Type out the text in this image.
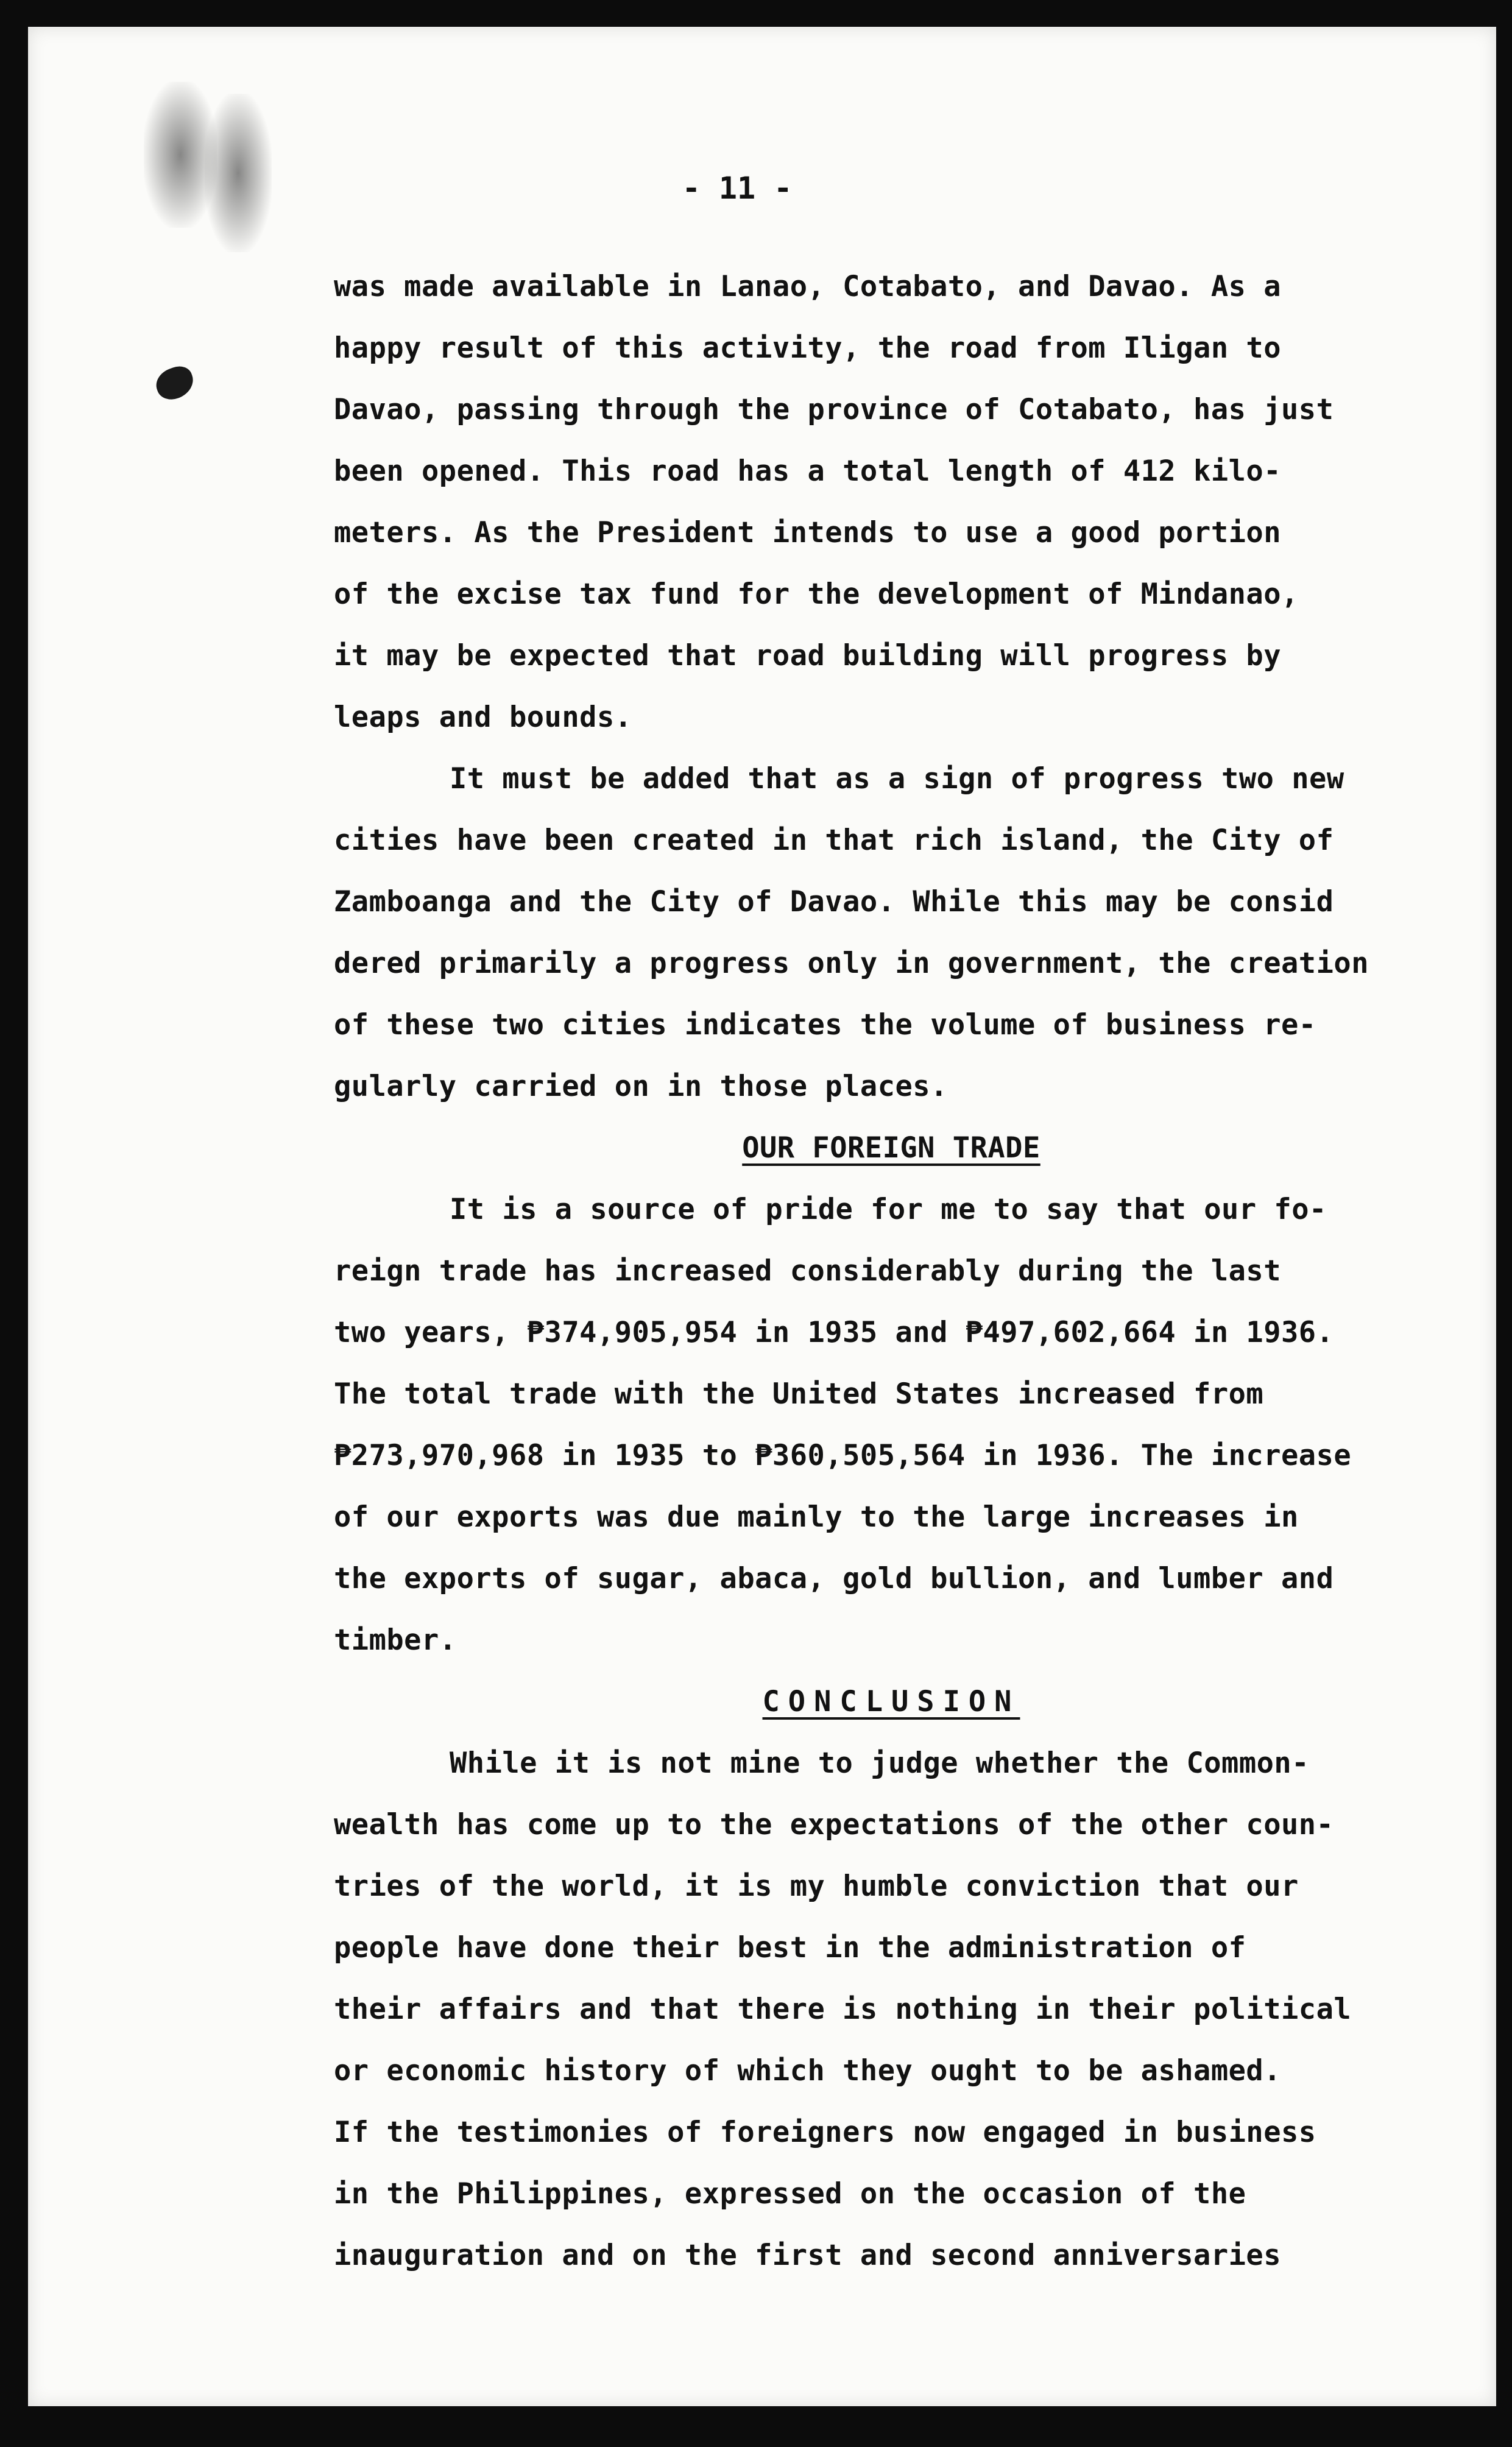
- 11 -
was made available in Lanao, Cotabato, and Davao. As a
happy result of this activity, the road from Iligan to
Davao, passing through the province of Cotabato, has just
been opened. This road has a total length of 412 kilo-
meters. As the President intends to use a good portion
of the excise tax fund for the development of Mindanao,
it may be expected that road building will progress by
leaps and bounds.
It must be added that as a sign of progress two new
cities have been created in that rich island, the City of
Zamboanga and the City of Davao. While this may be consid
dered primarily a progress only in government, the creation
of these two cities indicates the volume of business re-
gularly carried on in those places.
OUR FOREIGN TRADE
It is a source of pride for me to say that our fo-
reign trade has increased considerably during the last
two years, ₱374,905,954 in 1935 and ₱497,602,664 in 1936.
The total trade with the United States increased from
₱273,970,968 in 1935 to ₱360,505,564 in 1936. The increase
of our exports was due mainly to the large increases in
the exports of sugar, abaca, gold bullion, and lumber and
timber.
CONCLUSION
While it is not mine to judge whether the Common-
wealth has come up to the expectations of the other coun-
tries of the world, it is my humble conviction that our
people have done their best in the administration of
their affairs and that there is nothing in their political
or economic history of which they ought to be ashamed.
If the testimonies of foreigners now engaged in business
in the Philippines, expressed on the occasion of the
inauguration and on the first and second anniversaries
